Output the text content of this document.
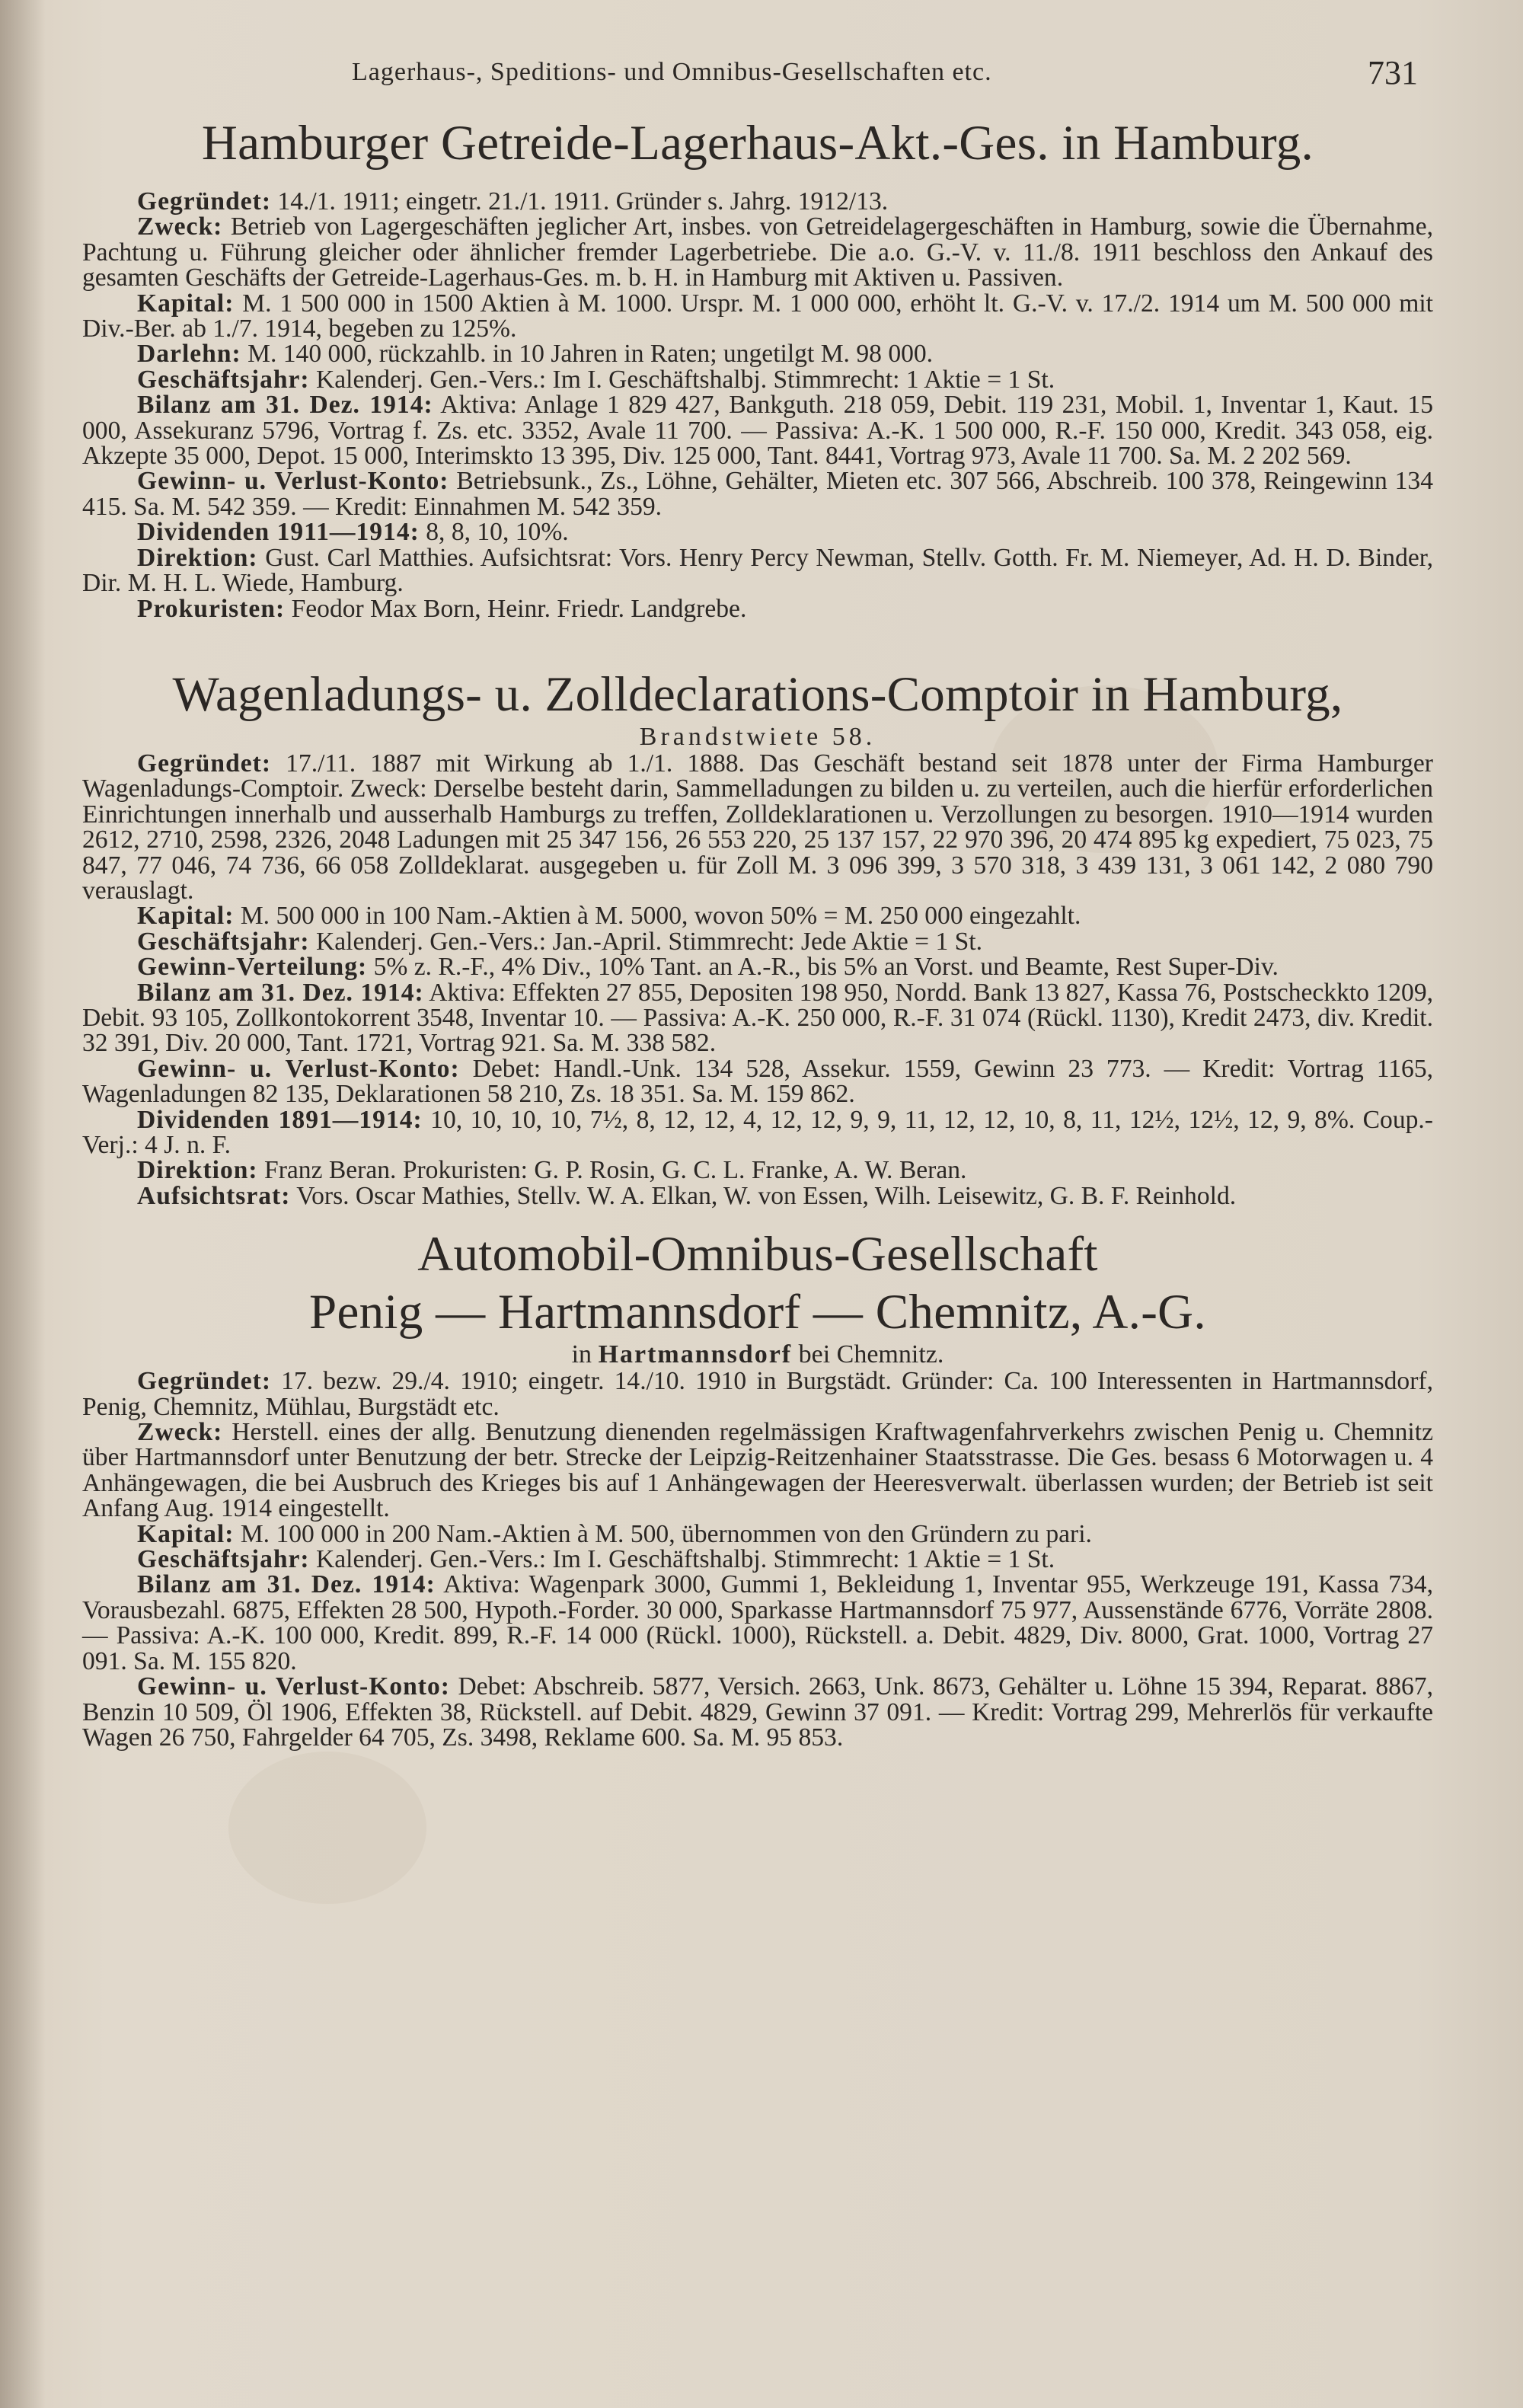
Lagerhaus-, Speditions- und Omnibus-Gesellschaften etc.	731
Hamburger Getreide-Lagerhaus-Akt.-Ges. in Hamburg.

Gegründet: 14./1. 1911; eingetr. 21./1. 1911. Gründer s. Jahrg. 1912/13.

Zweck: Betrieb von Lagergeschäften jeglicher Art, insbes. von Getreidelagergeschäften in Hamburg, sowie die Übernahme, Pachtung u. Führung gleicher oder ähnlicher fremder Lagerbetriebe. Die a.o. G.-V. v. 11./8. 1911 beschloss den Ankauf des gesamten Geschäfts der Getreide-Lagerhaus-Ges. m. b. H. in Hamburg mit Aktiven u. Passiven.

Kapital: M. 1 500 000 in 1500 Aktien à M. 1000. Urspr. M. 1 000 000, erhöht lt. G.-V. v. 17./2. 1914 um M. 500 000 mit Div.-Ber. ab 1./7. 1914, begeben zu 125%.

Darlehn: M. 140 000, rückzahlb. in 10 Jahren in Raten; ungetilgt M. 98 000.

Geschäftsjahr: Kalenderj. Gen.-Vers.: Im I. Geschäftshalbj. Stimmrecht: 1 Aktie = 1 St.

Bilanz am 31. Dez. 1914: Aktiva: Anlage 1 829 427, Bankguth. 218 059, Debit. 119 231, Mobil. 1, Inventar 1, Kaut. 15 000, Assekuranz 5796, Vortrag f. Zs. etc. 3352, Avale 11 700. — Passiva: A.-K. 1 500 000, R.-F. 150 000, Kredit. 343 058, eig. Akzepte 35 000, Depot. 15 000, Interimskto 13 395, Div. 125 000, Tant. 8441, Vortrag 973, Avale 11 700. Sa. M. 2 202 569.

Gewinn- u. Verlust-Konto: Betriebsunk., Zs., Löhne, Gehälter, Mieten etc. 307 566, Abschreib. 100 378, Reingewinn 134 415. Sa. M. 542 359. — Kredit: Einnahmen M. 542 359.

Dividenden 1911—1914: 8, 8, 10, 10%.

Direktion: Gust. Carl Matthies. Aufsichtsrat: Vors. Henry Percy Newman, Stellv. Gotth. Fr. M. Niemeyer, Ad. H. D. Binder, Dir. M. H. L. Wiede, Hamburg.

Prokuristen: Feodor Max Born, Heinr. Friedr. Landgrebe.

Wagenladungs- u. Zolldeclarations-Comptoir in Hamburg,

Brandstwiete 58.

Gegründet: 17./11. 1887 mit Wirkung ab 1./1. 1888. Das Geschäft bestand seit 1878 unter der Firma Hamburger Wagenladungs-Comptoir. Zweck: Derselbe besteht darin, Sammelladungen zu bilden u. zu verteilen, auch die hierfür erforderlichen Einrichtungen innerhalb und ausserhalb Hamburgs zu treffen, Zolldeklarationen u. Verzollungen zu besorgen. 1910—1914 wurden 2612, 2710, 2598, 2326, 2048 Ladungen mit 25 347 156, 26 553 220, 25 137 157, 22 970 396, 20 474 895 kg expediert, 75 023, 75 847, 77 046, 74 736, 66 058 Zolldeklarat. ausgegeben u. für Zoll M. 3 096 399, 3 570 318, 3 439 131, 3 061 142, 2 080 790 verauslagt.

Kapital: M. 500 000 in 100 Nam.-Aktien à M. 5000, wovon 50% = M. 250 000 eingezahlt.

Geschäftsjahr: Kalenderj. Gen.-Vers.: Jan.-April. Stimmrecht: Jede Aktie = 1 St.

Gewinn-Verteilung: 5% z. R.-F., 4% Div., 10% Tant. an A.-R., bis 5% an Vorst. und Beamte, Rest Super-Div.

Bilanz am 31. Dez. 1914: Aktiva: Effekten 27 855, Depositen 198 950, Nordd. Bank 13 827, Kassa 76, Postscheckkto 1209, Debit. 93 105, Zollkontokorrent 3548, Inventar 10. — Passiva: A.-K. 250 000, R.-F. 31 074 (Rückl. 1130), Kredit 2473, div. Kredit. 32 391, Div. 20 000, Tant. 1721, Vortrag 921. Sa. M. 338 582.

Gewinn- u. Verlust-Konto: Debet: Handl.-Unk. 134 528, Assekur. 1559, Gewinn 23 773. — Kredit: Vortrag 1165, Wagenladungen 82 135, Deklarationen 58 210, Zs. 18 351. Sa. M. 159 862.

Dividenden 1891—1914: 10, 10, 10, 10, 7½, 8, 12, 12, 4, 12, 12, 9, 9, 11, 12, 12, 10, 8, 11, 12½, 12½, 12, 9, 8%. Coup.-Verj.: 4 J. n. F.

Direktion: Franz Beran. Prokuristen: G. P. Rosin, G. C. L. Franke, A. W. Beran.

Aufsichtsrat: Vors. Oscar Mathies, Stellv. W. A. Elkan, W. von Essen, Wilh. Leisewitz, G. B. F. Reinhold.

Automobil-Omnibus-Gesellschaft
Penig — Hartmannsdorf — Chemnitz, A.-G.

in Hartmannsdorf bei Chemnitz.

Gegründet: 17. bezw. 29./4. 1910; eingetr. 14./10. 1910 in Burgstädt. Gründer: Ca. 100 Interessenten in Hartmannsdorf, Penig, Chemnitz, Mühlau, Burgstädt etc.

Zweck: Herstell. eines der allg. Benutzung dienenden regelmässigen Kraftwagenfahrverkehrs zwischen Penig u. Chemnitz über Hartmannsdorf unter Benutzung der betr. Strecke der Leipzig-Reitzenhainer Staatsstrasse. Die Ges. besass 6 Motorwagen u. 4 Anhängewagen, die bei Ausbruch des Krieges bis auf 1 Anhängewagen der Heeresverwalt. überlassen wurden; der Betrieb ist seit Anfang Aug. 1914 eingestellt.

Kapital: M. 100 000 in 200 Nam.-Aktien à M. 500, übernommen von den Gründern zu pari.

Geschäftsjahr: Kalenderj. Gen.-Vers.: Im I. Geschäftshalbj. Stimmrecht: 1 Aktie = 1 St.

Bilanz am 31. Dez. 1914: Aktiva: Wagenpark 3000, Gummi 1, Bekleidung 1, Inventar 955, Werkzeuge 191, Kassa 734, Vorausbezahl. 6875, Effekten 28 500, Hypoth.-Forder. 30 000, Sparkasse Hartmannsdorf 75 977, Aussenstände 6776, Vorräte 2808. — Passiva: A.-K. 100 000, Kredit. 899, R.-F. 14 000 (Rückl. 1000), Rückstell. a. Debit. 4829, Div. 8000, Grat. 1000, Vortrag 27 091. Sa. M. 155 820.

Gewinn- u. Verlust-Konto: Debet: Abschreib. 5877, Versich. 2663, Unk. 8673, Gehälter u. Löhne 15 394, Reparat. 8867, Benzin 10 509, Öl 1906, Effekten 38, Rückstell. auf Debit. 4829, Gewinn 37 091. — Kredit: Vortrag 299, Mehrerlös für verkaufte Wagen 26 750, Fahrgelder 64 705, Zs. 3498, Reklame 600. Sa. M. 95 853.
